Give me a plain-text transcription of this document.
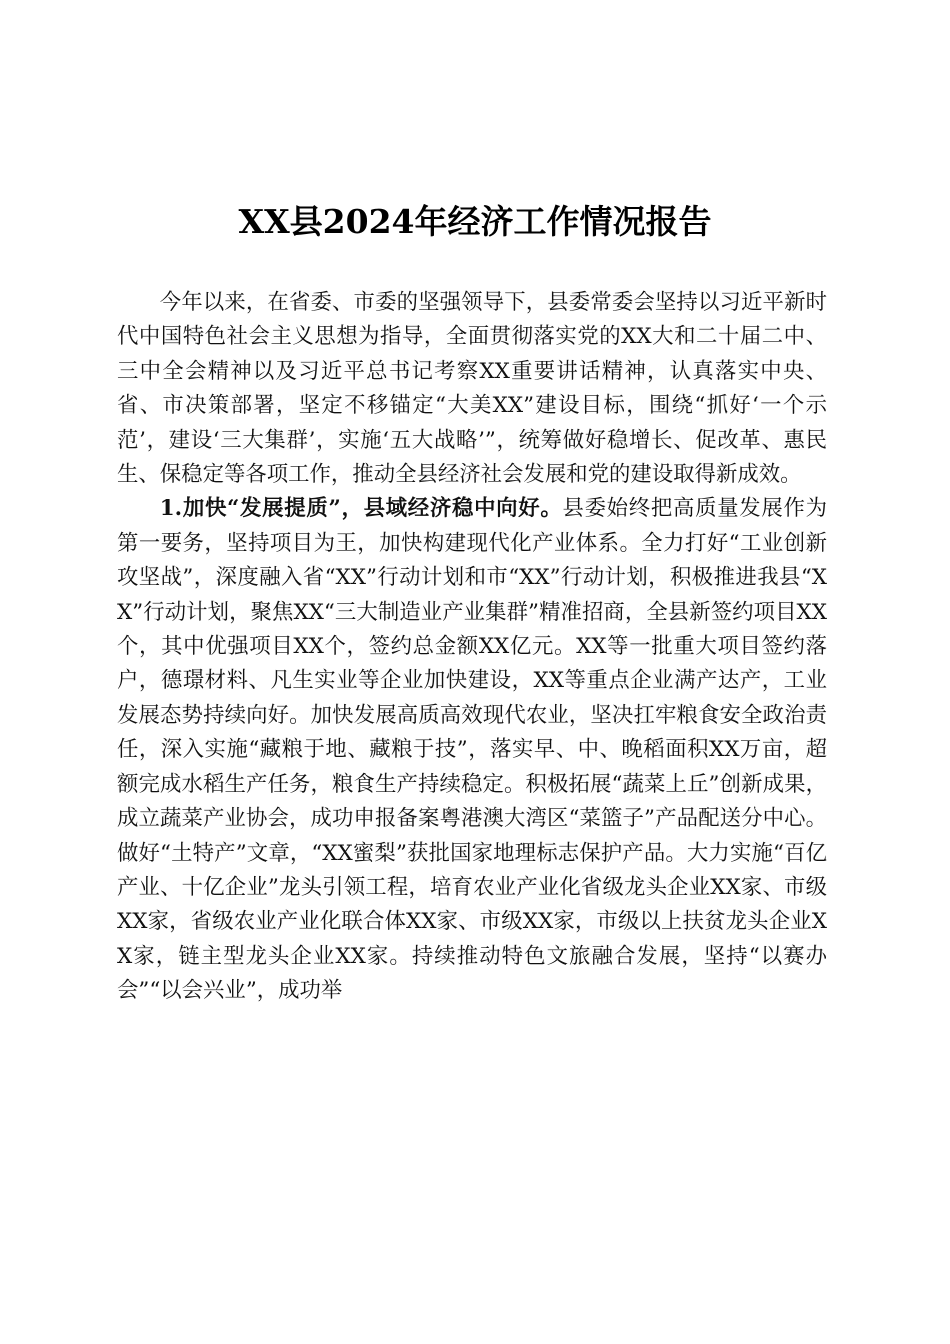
XX县2024年经济工作情况报告

今年以来，在省委、市委的坚强领导下，县委常委会坚持以习近平新时代中国特色社会主义思想为指导，全面贯彻落实党的XX大和二十届二中、三中全会精神以及习近平总书记考察XX重要讲话精神，认真落实中央、省、市决策部署，坚定不移锚定“大美XX”建设目标，围绕“抓好‘一个示范’，建设‘三大集群’，实施‘五大战略’”，统筹做好稳增长、促改革、惠民生、保稳定等各项工作，推动全县经济社会发展和党的建设取得新成效。

1.加快“发展提质”，县域经济稳中向好。县委始终把高质量发展作为第一要务，坚持项目为王，加快构建现代化产业体系。全力打好“工业创新攻坚战”，深度融入省“XX”行动计划和市“XX”行动计划，积极推进我县“XX”行动计划，聚焦XX“三大制造业产业集群”精准招商，全县新签约项目XX个，其中优强项目XX个，签约总金额XX亿元。XX等一批重大项目签约落户，德璟材料、凡生实业等企业加快建设，XX等重点企业满产达产，工业发展态势持续向好。加快发展高质高效现代农业，坚决扛牢粮食安全政治责任，深入实施“藏粮于地、藏粮于技”，落实早、中、晚稻面积XX万亩，超额完成水稻生产任务，粮食生产持续稳定。积极拓展“蔬菜上丘”创新成果，成立蔬菜产业协会，成功申报备案粤港澳大湾区“菜篮子”产品配送分中心。做好“土特产”文章，“XX蜜梨”获批国家地理标志保护产品。大力实施“百亿产业、十亿企业”龙头引领工程，培育农业产业化省级龙头企业XX家、市级XX家，省级农业产业化联合体XX家、市级XX家，市级以上扶贫龙头企业XX家，链主型龙头企业XX家。持续推动特色文旅融合发展，坚持“以赛办会”“以会兴业”，成功举
